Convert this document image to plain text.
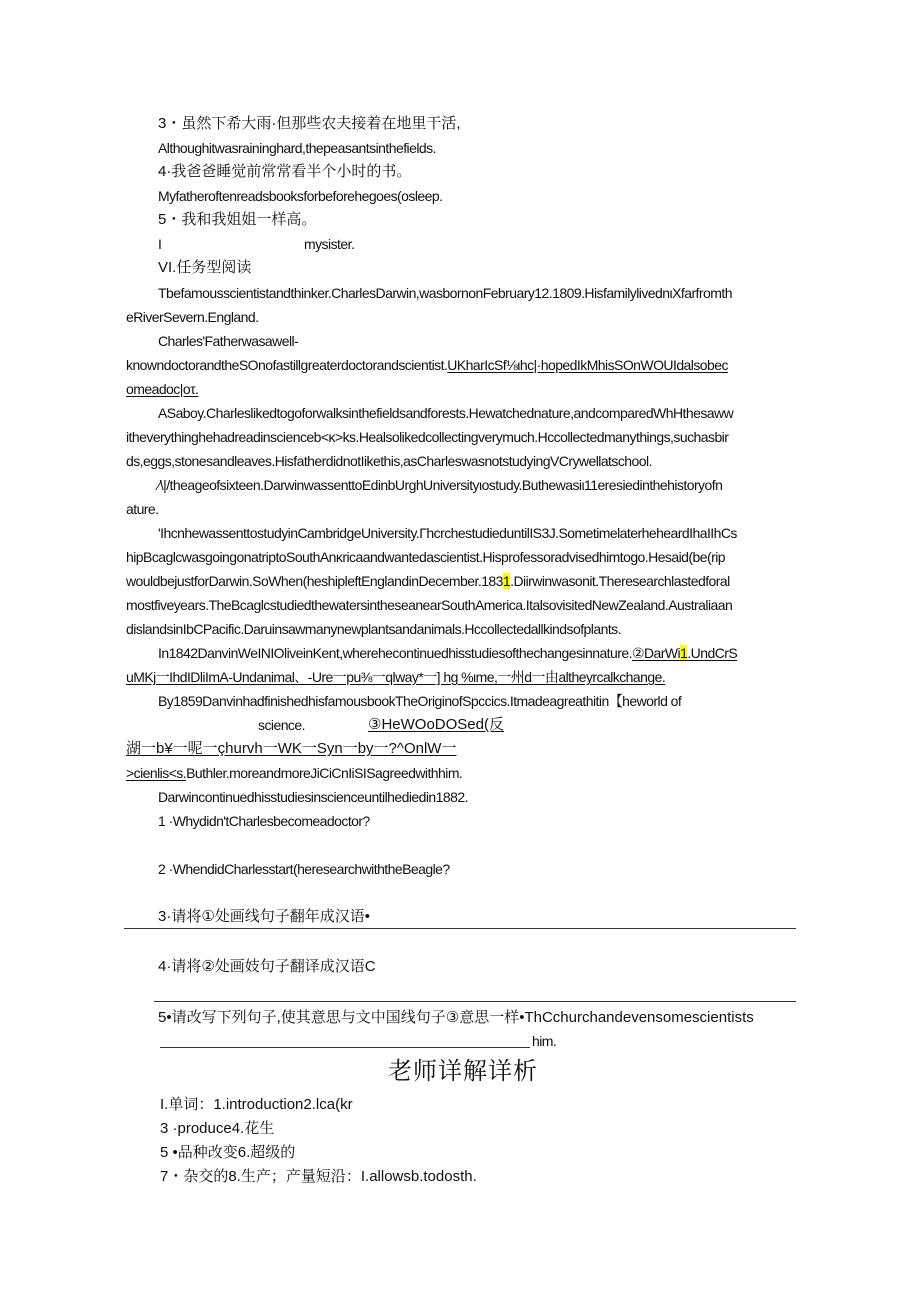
3・虽然下希大雨·但那些农夫接着在地里干活,
Althoughitwasraininghard,thepeasantsinthefields.
4·我爸爸睡觉前常常看半个小时的书。
Myfatheroftenreadsbooksforbeforehegoes(osleep.
5・我和我姐姐一样高。
I	mysister.
VI.任务型阅读
Tbefamousscientistandthinker.CharlesDarwin,wasbornonFebruary12.1809.HisfamilylivednιXfarfromth
eRiverSevern.England.
Charles'Fatherwasawell-
knowndoctorandtheSOnofastillgreaterdoctorandscientist.UKharIcSf⅛ιhc|·hopedIkMhisSOnWOUIdalsobec
omeadoc|oτ.
ASaboy.Charleslikedtogoforwalksinthefieldsandforests.Hewatchednature,andcomparedWhHthesaww
itheverythinghehadreadinscienceb<κ>ks.Healsolikedcollectingverymuch.Hccollectedmanythings,suchasbir
ds,eggs,stonesandleaves.HisfatherdidnotIikethis,asCharleswasnotstudyingVCrywellatschool.
⁄\|/theageofsixteen.DarwinwassenttoEdinbUrghUniversityιostudy.Buthewasiι11eresiedinthehistoryofn
ature.
'IhcnhewassenttostudyinCambridgeUniversity.ΓhcrchestudieduntilIS3J.SometimelaterheheardIhaIIhCs
hipBcaglcwasgoingonatriptoSouthAnκricaandwantedascientist.Hisprofessoradvisedhimtogo.Hesaid(be(rip
wouldbejustforDarwin.SoWhen(heshipleftEnglandinDecember.1831.Diirwinwasonit.Theresearchlastedforal
mostfiveyears.TheBcaglcstudiedthewatersintheseanearSouthAmerica.ItalsovisitedNewZealand.Australiaan
dislandsinIbCPacific.Daruinsawmanynewplantsandanimals.Hccollectedallkindsofplants.
In1842DanvinWeINIOliveinKent,wherehecontinuedhisstudiesofthechangesinnature.②DarWi1.UndCrS
uMKj一IhdIDliImA-Undanimal、-Ure一pu⅜一qlway*一] hg %ιme,一州d一由altheyrcalkchange.
By1859DanvinhadfinishedhisfamousbookTheOriginofSpccics.Itmadeagreathitin【heworld of
science.	③HeWOoDOSed(反
湖一b¥一呢一çhurvh一WK一Syn一by一?^OnlW一
>cienlis<s.Buthler.moreandmoreJiCiCnIiSISagreedwithhim.
Darwincontinuedhisstudiesinscienceuntilhediedin1882.
1 ·Whydidn'tCharlesbecomeadoctor?
2 ·WhendidCharlesstart(heresearchwiththeBeagle?
3·请将①处画线句子翻年成汉语•
4·请将②处画妓句子翻译成汉语C
5•请改写下列句子,使其意思与文中国线句子③意思一样•ThCchurchandevensomescientists
him.
老师详解详析
I.单词：1.introduction2.lca(kr
3 ·produce4.花生
5 •品种改变6.超级的
7・杂交的8.生产；产量短沿：I.allowsb.todosth.
